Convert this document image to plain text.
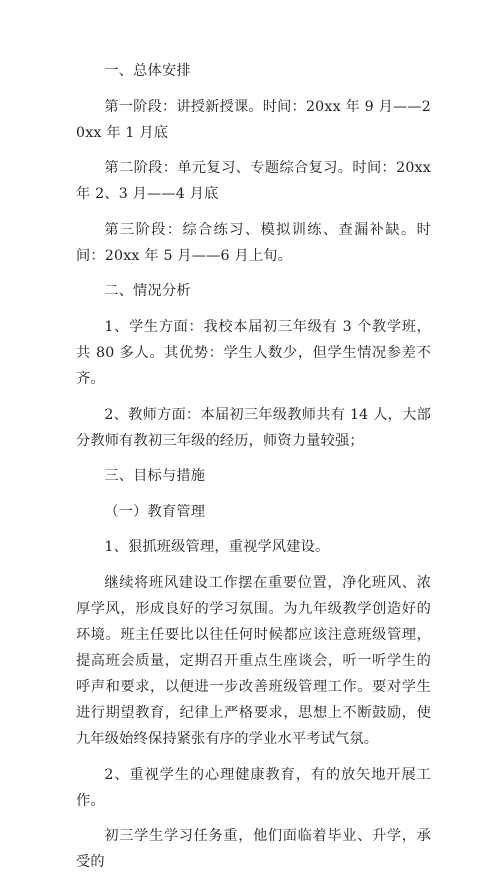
一、总体安排

第一阶段：讲授新授课。时间：20xx 年 9 月——20xx 年 1 月底

第二阶段：单元复习、专题综合复习。时间：20xx 年 2、3 月——4 月底

第三阶段：综合练习、模拟训练、查漏补缺。时间：20xx 年 5 月——6 月上旬。

二、情况分析

1、学生方面：我校本届初三年级有 3 个教学班，共 80 多人。其优势：学生人数少，但学生情况参差不齐。

2、教师方面：本届初三年级教师共有 14 人，大部分教师有教初三年级的经历，师资力量较强；

三、目标与措施

（一）教育管理

1、狠抓班级管理，重视学风建设。

继续将班风建设工作摆在重要位置，净化班风、浓厚学风，形成良好的学习氛围。为九年级教学创造好的环境。班主任要比以往任何时候都应该注意班级管理，提高班会质量，定期召开重点生座谈会，听一听学生的呼声和要求，以便进一步改善班级管理工作。要对学生进行期望教育，纪律上严格要求，思想上不断鼓励，使九年级始终保持紧张有序的学业水平考试气氛。

2、重视学生的心理健康教育，有的放矢地开展工作。

初三学生学习任务重，他们面临着毕业、升学，承受的
